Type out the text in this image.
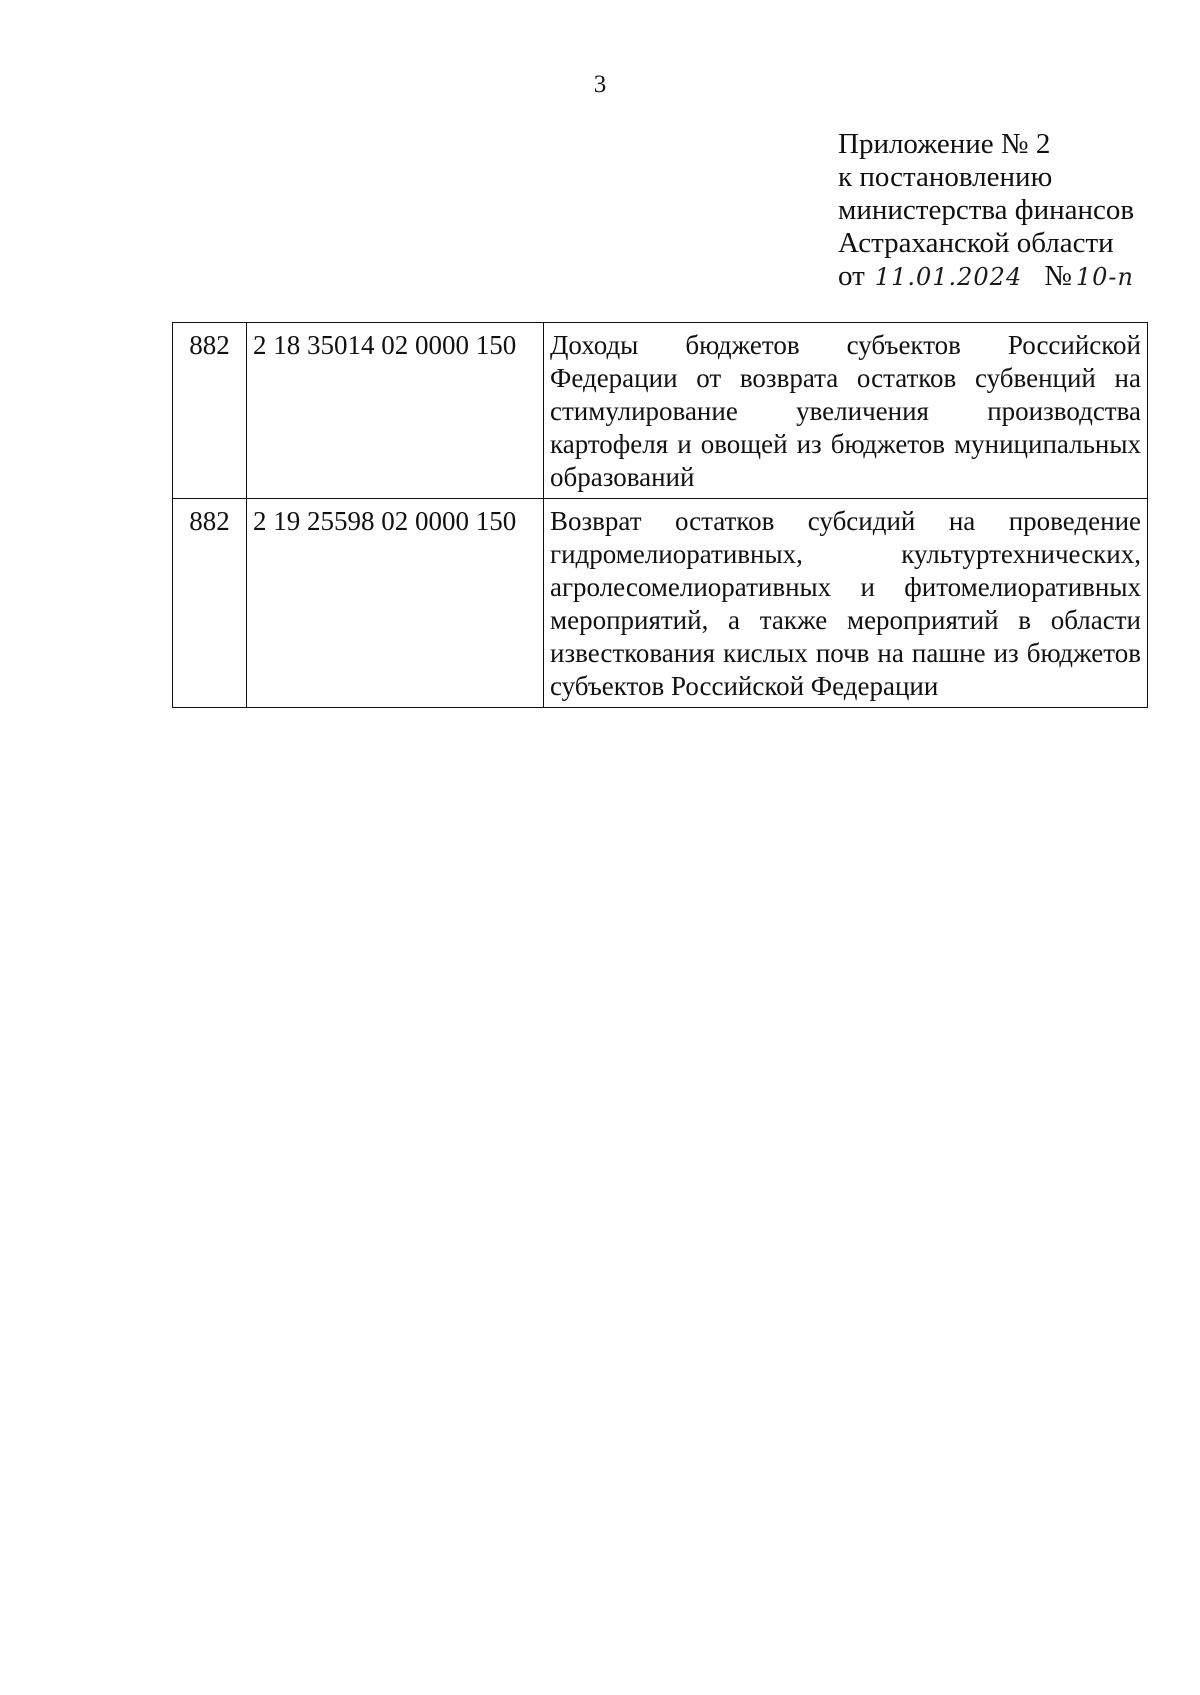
3
Приложение № 2
к постановлению
министерства финансов
Астраханской области
от 11.01.2024 № 10-п
882	2 18 35014 02 0000 150	Доходы бюджетов субъектов Российской Федерации от возврата остатков субвенций на стимулирование увеличения производства картофеля и овощей из бюджетов муниципальных образований
882	2 19 25598 02 0000 150	Возврат остатков субсидий на проведение гидромелиоративных, культуртехнических, агролесомелиоративных и фитомелиоративных мероприятий, а также мероприятий в области известкования кислых почв на пашне из бюджетов субъектов Российской Федерации
